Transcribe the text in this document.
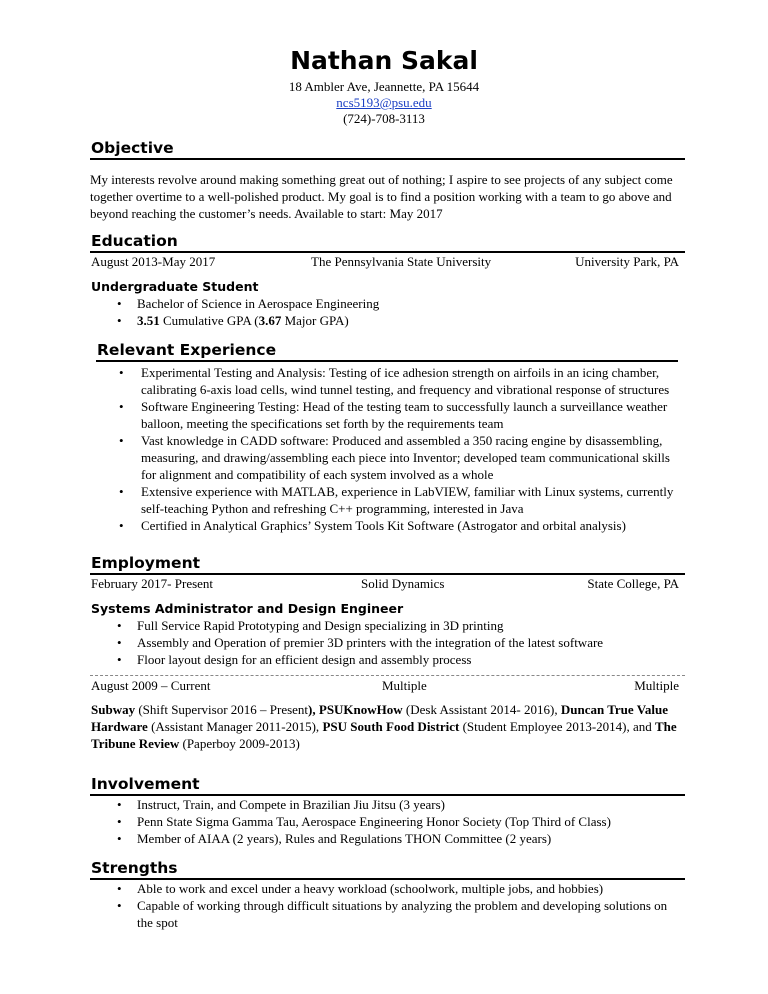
Nathan Sakal
18 Ambler Ave, Jeannette, PA 15644
ncs5193@psu.edu
(724)-708-3113
Objective
My interests revolve around making something great out of nothing; I aspire to see projects of any subject come together overtime to a well-polished product. My goal is to find a position working with a team to go above and beyond reaching the customer’s needs. Available to start: May 2017
Education
August 2013-May 2017	The Pennsylvania State University	University Park, PA
Undergraduate Student
• Bachelor of Science in Aerospace Engineering
• 3.51 Cumulative GPA (3.67 Major GPA)
Relevant Experience
• Experimental Testing and Analysis: Testing of ice adhesion strength on airfoils in an icing chamber, calibrating 6-axis load cells, wind tunnel testing, and frequency and vibrational response of structures
• Software Engineering Testing: Head of the testing team to successfully launch a surveillance weather balloon, meeting the specifications set forth by the requirements team
• Vast knowledge in CADD software: Produced and assembled a 350 racing engine by disassembling, measuring, and drawing/assembling each piece into Inventor; developed team communicational skills for alignment and compatibility of each system involved as a whole
• Extensive experience with MATLAB, experience in LabVIEW, familiar with Linux systems, currently self-teaching Python and refreshing C++ programming, interested in Java
• Certified in Analytical Graphics’ System Tools Kit Software (Astrogator and orbital analysis)
Employment
February 2017- Present	Solid Dynamics	State College, PA
Systems Administrator and Design Engineer
• Full Service Rapid Prototyping and Design specializing in 3D printing
• Assembly and Operation of premier 3D printers with the integration of the latest software
• Floor layout design for an efficient design and assembly process
August 2009 – Current	Multiple	Multiple
Subway (Shift Supervisor 2016 – Present), PSUKnowHow (Desk Assistant 2014- 2016), Duncan True Value Hardware (Assistant Manager 2011-2015), PSU South Food District (Student Employee 2013-2014), and The Tribune Review (Paperboy 2009-2013)
Involvement
• Instruct, Train, and Compete in Brazilian Jiu Jitsu (3 years)
• Penn State Sigma Gamma Tau, Aerospace Engineering Honor Society (Top Third of Class)
• Member of AIAA (2 years), Rules and Regulations THON Committee (2 years)
Strengths
• Able to work and excel under a heavy workload (schoolwork, multiple jobs, and hobbies)
• Capable of working through difficult situations by analyzing the problem and developing solutions on the spot
